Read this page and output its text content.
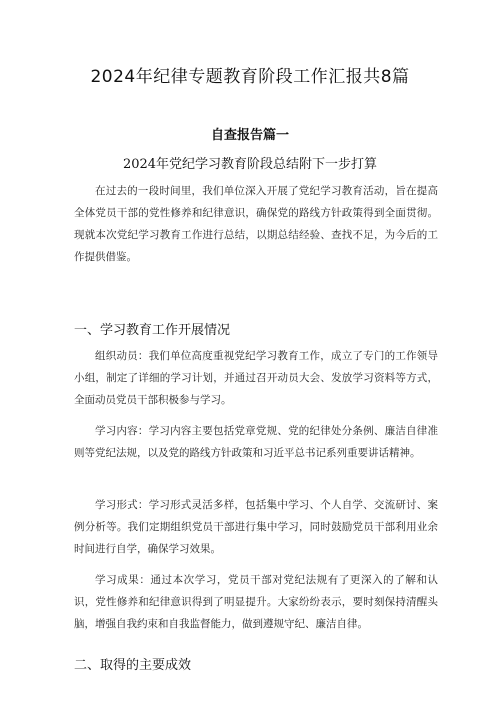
2024年纪律专题教育阶段工作汇报共8篇
自查报告篇一
2024年党纪学习教育阶段总结附下一步打算

在过去的一段时间里，我们单位深入开展了党纪学习教育活动，旨在提高全体党员干部的党性修养和纪律意识，确保党的路线方针政策得到全面贯彻。现就本次党纪学习教育工作进行总结，以期总结经验、查找不足，为今后的工作提供借鉴。

一、学习教育工作开展情况

组织动员：我们单位高度重视党纪学习教育工作，成立了专门的工作领导小组，制定了详细的学习计划，并通过召开动员大会、发放学习资料等方式，全面动员党员干部积极参与学习。

学习内容：学习内容主要包括党章党规、党的纪律处分条例、廉洁自律准则等党纪法规，以及党的路线方针政策和习近平总书记系列重要讲话精神。

学习形式：学习形式灵活多样，包括集中学习、个人自学、交流研讨、案例分析等。我们定期组织党员干部进行集中学习，同时鼓励党员干部利用业余时间进行自学，确保学习效果。

学习成果：通过本次学习，党员干部对党纪法规有了更深入的了解和认识，党性修养和纪律意识得到了明显提升。大家纷纷表示，要时刻保持清醒头脑，增强自我约束和自我监督能力，做到遵规守纪、廉洁自律。

二、取得的主要成效
